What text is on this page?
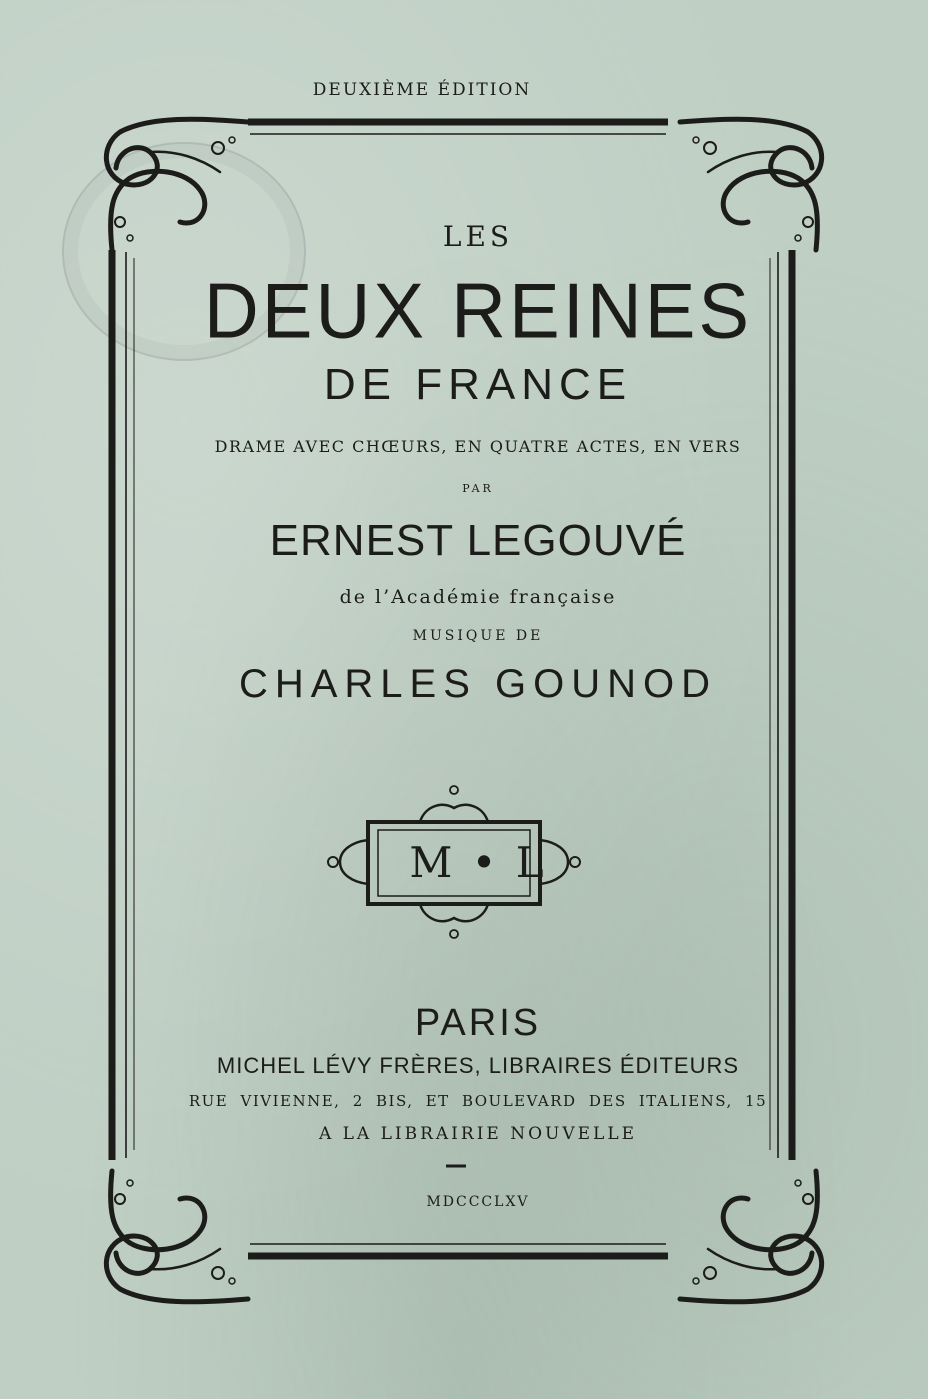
DEUXIÈME ÉDITION
LES
DEUX REINES
DE FRANCE
DRAME AVEC CHŒURS, EN QUATRE ACTES, EN VERS
PAR
ERNEST LEGOUVÉ
de l’Académie française
MUSIQUE DE
CHARLES GOUNOD
M • L
PARIS
MICHEL LÉVY FRÈRES, LIBRAIRES ÉDITEURS
RUE VIVIENNE, 2 BIS, ET BOULEVARD DES ITALIENS, 15
A LA LIBRAIRIE NOUVELLE
MDCCCLXV
